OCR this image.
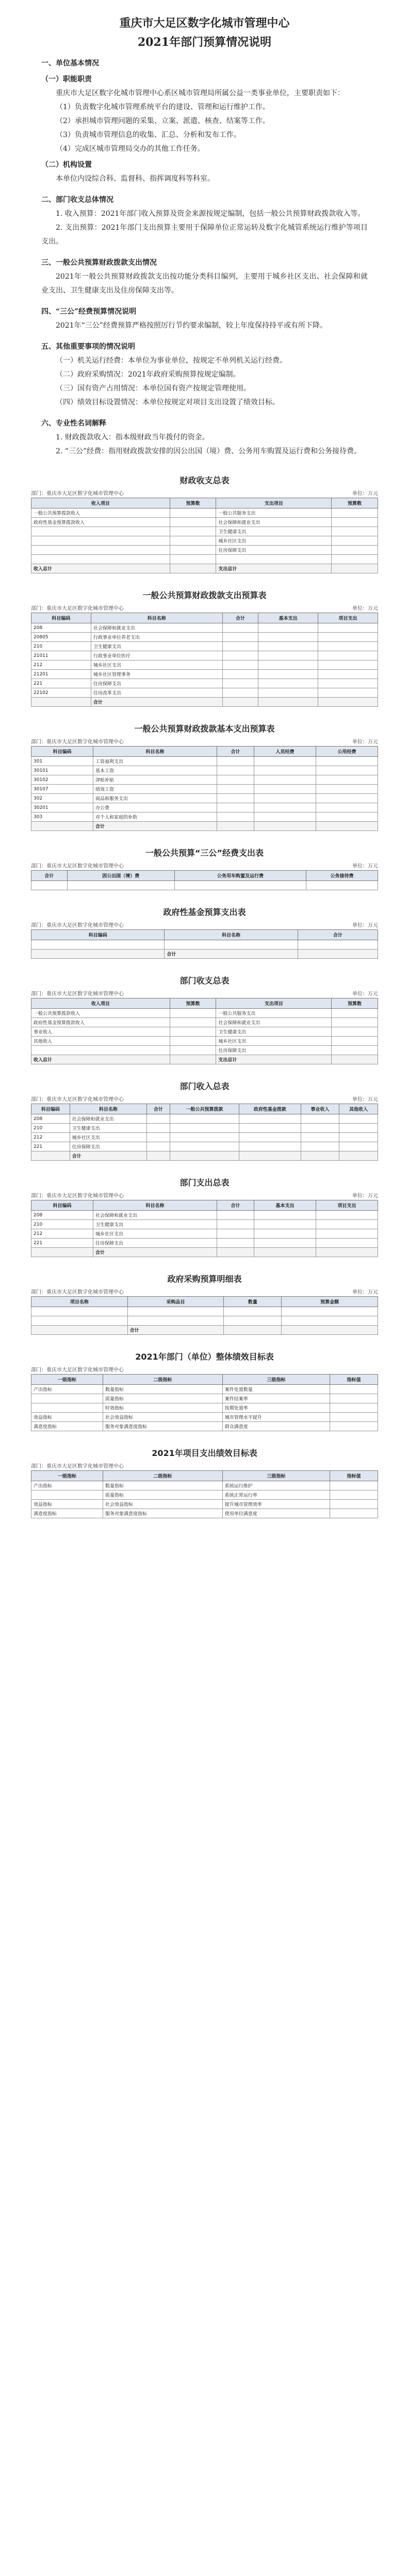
重庆市大足区数字化城市管理中心
2021年部门预算情况说明
一、单位基本情况
（一）职能职责
重庆市大足区数字化城市管理中心系区城市管理局所属公益一类事业单位，主要职责如下：
（1）负责数字化城市管理系统平台的建设、管理和运行维护工作。
（2）承担城市管理问题的采集、立案、派遣、核查、结案等工作。
（3）负责城市管理信息的收集、汇总、分析和发布工作。
（4）完成区城市管理局交办的其他工作任务。
（二）机构设置
本单位内设综合科、监督科、指挥调度科等科室。
二、部门收支总体情况
1. 收入预算：2021年部门收入预算及资金来源按规定编制，包括一般公共预算财政拨款收入等。
2. 支出预算：2021年部门支出预算主要用于保障单位正常运转及数字化城管系统运行维护等项目支出。
三、一般公共预算财政拨款支出情况
2021年一般公共预算财政拨款支出按功能分类科目编列，主要用于城乡社区支出、社会保障和就业支出、卫生健康支出及住房保障支出等。
四、“三公”经费预算情况说明
2021年“三公”经费预算严格按照厉行节约要求编制，较上年度保持持平或有所下降。
五、其他重要事项的情况说明
（一）机关运行经费：本单位为事业单位，按规定不单列机关运行经费。
（二）政府采购情况：2021年政府采购预算按规定编制。
（三）国有资产占用情况：本单位国有资产按规定管理使用。
（四）绩效目标设置情况：本单位按规定对项目支出设置了绩效目标。
六、专业性名词解释
1. 财政拨款收入：指本级财政当年拨付的资金。
2. “三公”经费：指用财政拨款安排的因公出国（境）费、公务用车购置及运行费和公务接待费。
财政收支总表
部门：重庆市大足区数字化城市管理中心	单位：万元
收入项目	预算数	支出项目	预算数
一般公共预算拨款收入		一般公共服务支出	
政府性基金预算拨款收入		社会保障和就业支出	
		卫生健康支出	
		城乡社区支出	
		住房保障支出	

收入总计		支出总计	
一般公共预算财政拨款支出预算表
部门：重庆市大足区数字化城市管理中心	单位：万元
科目编码	科目名称	合计	基本支出	项目支出
208	社会保障和就业支出			
20805	行政事业单位养老支出			
210	卫生健康支出			
21011	行政事业单位医疗			
212	城乡社区支出			
21201	城乡社区管理事务			
221	住房保障支出			
22102	住房改革支出			
	合计			
一般公共预算财政拨款基本支出预算表
部门：重庆市大足区数字化城市管理中心	单位：万元
科目编码	科目名称	合计	人员经费	公用经费
301	工资福利支出			
30101	基本工资			
30102	津贴补贴			
30107	绩效工资			
302	商品和服务支出			
30201	办公费			
303	对个人和家庭的补助			
	合计			
一般公共预算“三公”经费支出表
部门：重庆市大足区数字化城市管理中心	单位：万元
合计	因公出国（境）费	公务用车购置及运行费	公务接待费

政府性基金预算支出表
部门：重庆市大足区数字化城市管理中心	单位：万元
科目编码	科目名称	合计

	合计	
部门收支总表
部门：重庆市大足区数字化城市管理中心	单位：万元
收入项目	预算数	支出项目	预算数
一般公共预算拨款收入		一般公共服务支出	
政府性基金预算拨款收入		社会保障和就业支出	
事业收入		卫生健康支出	
其他收入		城乡社区支出	
		住房保障支出	
收入总计		支出总计	
部门收入总表
部门：重庆市大足区数字化城市管理中心	单位：万元
科目编码	科目名称	合计	一般公共预算拨款	政府性基金拨款	事业收入	其他收入
208	社会保障和就业支出					
210	卫生健康支出					
212	城乡社区支出					
221	住房保障支出					
	合计					
部门支出总表
部门：重庆市大足区数字化城市管理中心	单位：万元
科目编码	科目名称	合计	基本支出	项目支出
208	社会保障和就业支出			
210	卫生健康支出			
212	城乡社区支出			
221	住房保障支出			
	合计			
政府采购预算明细表
部门：重庆市大足区数字化城市管理中心	单位：万元
项目名称	采购品目	数量	预算金额

	合计		
2021年部门（单位）整体绩效目标表
部门：重庆市大足区数字化城市管理中心
一级指标	二级指标	三级指标	指标值
产出指标	数量指标	案件处置数量	
	质量指标	案件结案率	
	时效指标	按期处置率	
效益指标	社会效益指标	城市管理水平提升	
满意度指标	服务对象满意度指标	群众满意度	
2021年项目支出绩效目标表
部门：重庆市大足区数字化城市管理中心
一级指标	二级指标	三级指标	指标值
产出指标	数量指标	系统运行维护	
	质量指标	系统正常运行率	
效益指标	社会效益指标	提升城市管理效率	
满意度指标	服务对象满意度指标	使用单位满意度	
